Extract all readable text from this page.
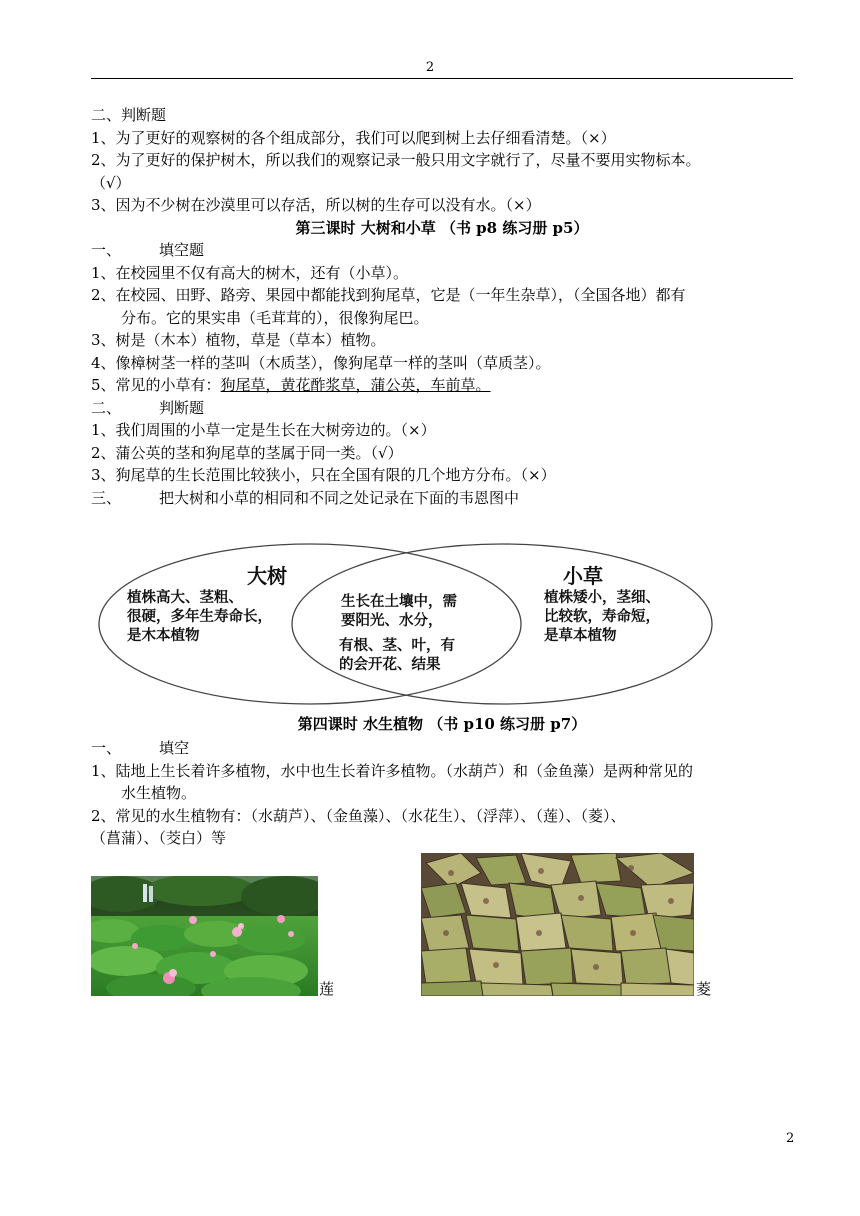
2
二、判断题
1、为了更好的观察树的各个组成部分，我们可以爬到树上去仔细看清楚。（×）
2、为了更好的保护树木，所以我们的观察记录一般只用文字就行了，尽量不要用实物标本。
（√）
3、因为不少树在沙漠里可以存活，所以树的生存可以没有水。（×）
第三课时 大树和小草 （书 p8 练习册 p5）
一、	填空题
1、在校园里不仅有高大的树木，还有（小草）。
2、在校园、田野、路旁、果园中都能找到狗尾草，它是（一年生杂草），（全国各地）都有
分布。它的果实串（毛茸茸的），很像狗尾巴。
3、树是（木本）植物，草是（草本）植物。
4、像樟树茎一样的茎叫（木质茎），像狗尾草一样的茎叫（草质茎）。
5、常见的小草有：狗尾草，黄花酢浆草，蒲公英，车前草。
二、	判断题
1、我们周围的小草一定是生长在大树旁边的。（×）
2、蒲公英的茎和狗尾草的茎属于同一类。（√）
3、狗尾草的生长范围比较狭小，只在全国有限的几个地方分布。（×）
三、	把大树和小草的相同和不同之处记录在下面的韦恩图中
大树
植株高大、茎粗、
很硬，多年生寿命长，
是木本植物
生长在土壤中，需
要阳光、水分，
有根、茎、叶，有
的会开花、结果
小草
植株矮小，茎细、
比较软，寿命短，
是草本植物
第四课时 水生植物 （书 p10 练习册 p7）
一、	填空
1、陆地上生长着许多植物，水中也生长着许多植物。（水葫芦）和（金鱼藻）是两种常见的
水生植物。
2、常见的水生植物有：（水葫芦）、（金鱼藻）、（水花生）、（浮萍）、（莲）、（菱）、
（菖蒲）、（茭白）等
莲	菱
2
